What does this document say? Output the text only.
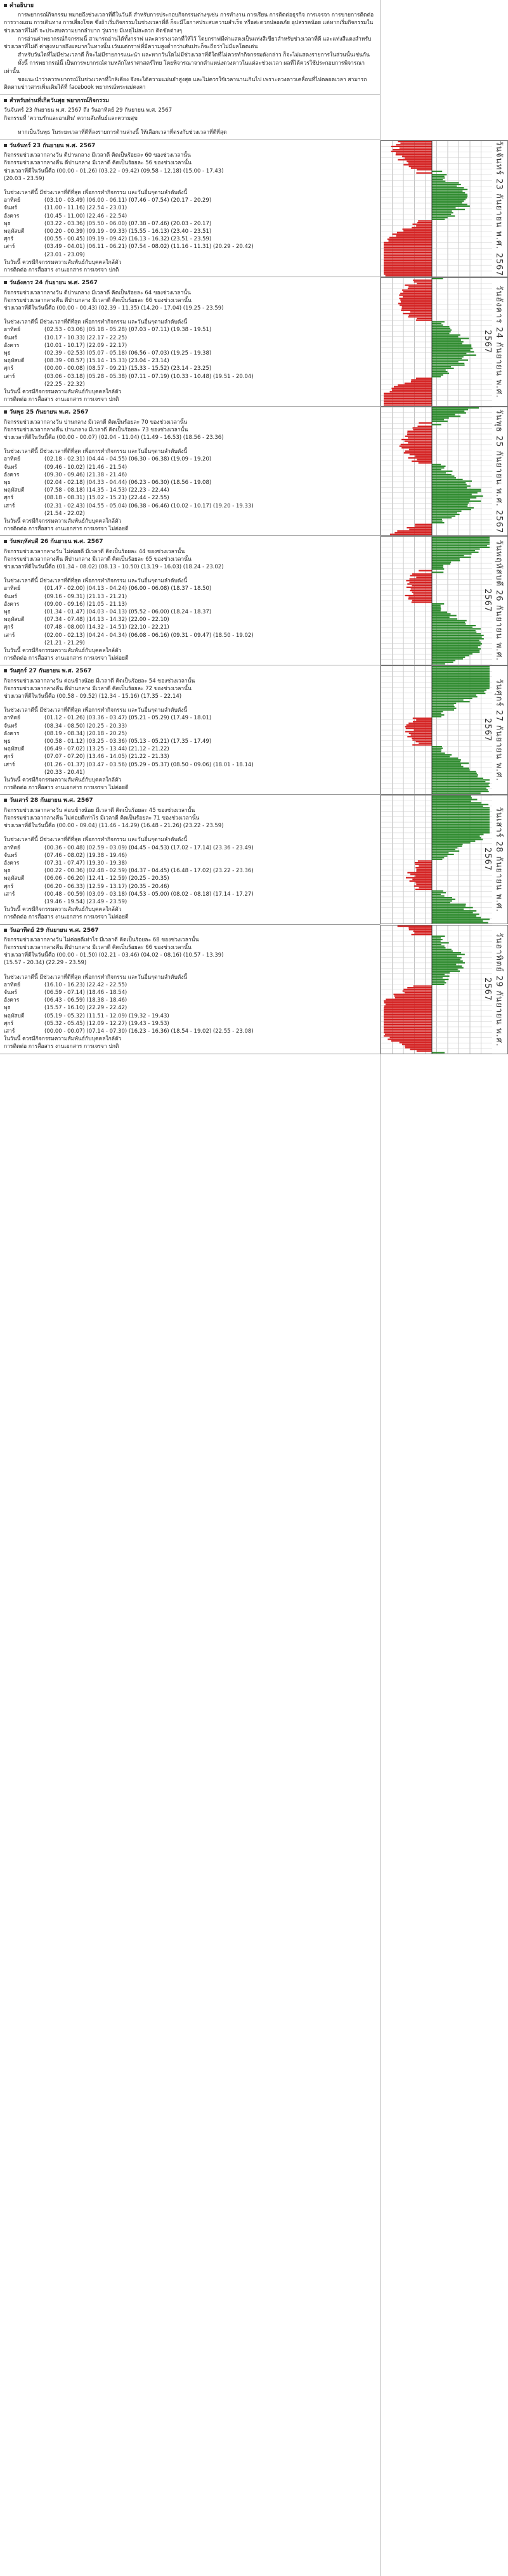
คำอธิบาย
การพยากรณ์กิจกรรม หมายถึงช่วงเวลาที่ดีในวันดี สำหรับการประกอบกิจกรรมต่างๆเช่น การทำงาน การเรียน การติดต่อธุรกิจ การเจรจา การขายการติดต่อ การวางแผน การเดินทาง การเสี่ยงโชค ซึ่งถ้าเริ่มกิจกรรมในช่วงเวลาที่ดี ก็จะมีโอกาสประสบความสำเร็จ หรือสะดวกปลอดภัย อุปสรรคน้อย แต่หากเริ่มกิจกรรมในช่วงเวลาที่ไม่ดี จะประสบความยากลำบาก วุ่นวาย มีเหตุไม่สะดวก ติดขัดต่างๆ
การอ่านค่าพยากรณ์กิจกรรมนี้ สามารถอ่านได้ทั้งกราฟ และตารางเวลาที่ให้ไว้ โดยกราฟมีค่าแสดงเป็นแท่งสีเขียวสำหรับช่วงเวลาที่ดี และแท่งสีแดงสำหรับช่วงเวลาที่ไม่ดี ค่าสูงหมายถึงผลมากในทางนั้น เว้นแต่กราฟที่มีความสูงต่ำกว่าเส้นประก็จะถือว่าไม่มีผลโดดเด่น
สำหรับวันใดที่ไม่มีช่วงเวลาดี ก็จะไม่มีรายการแนะนำ และหากวันใดไม่มีช่วงเวลาที่ดีใดที่ไม่ควรทำกิจกรรมดังกล่าว ก็จะไม่แสดงรายการในส่วนนั้นเช่นกัน
ทั้งนี้ การพยากรณ์นี้ เป็นการพยากรณ์ตามหลักโหราศาสตร์ไทย โดยพิจารณาจากตำแหน่งดวงดาวในแต่ละช่วงเวลา ผลที่ได้ควรใช้ประกอบการพิจารณาเท่านั้น
ขอแนะนำว่าควรพยากรณ์ในช่วงเวลาที่ใกล้เคียง จึงจะได้ความแม่นยำสูงสุด และไม่ควรใช้เวลานานเกินไป เพราะดวงดาวเคลื่อนที่ไปตลอดเวลา สามารถติดตามข่าวสารเพิ่มเติมได้ที่ facebook พยากรณ์พระแม่คงคา
สำหรับท่านที่เกิดวันพุธ พยากรณ์กิจกรรม
วันจันทร์ 23 กันยายน พ.ศ. 2567 ถึง วันอาทิตย์ 29 กันยายน พ.ศ. 2567
กิจกรรมที่ 'ความรักและอาเดิน' ความสัมพันธ์และความสุข
หากเป็นวันพุธ ในระยะเวลาที่ดีที่ลงรายการด้านล่างนี้ ให้เลือกเวลาที่ตรงกับช่วงเวลาที่ดีที่สุด
วันจันทร์ 23 กันยายน พ.ศ. 2567
กิจกรรมช่วงเวลากลางวัน ดีปานกลาง มีเวลาดี คิดเป็นร้อยละ 60 ของช่วงเวลานั้น
กิจกรรมช่วงเวลากลางคืน ดีปานกลาง มีเวลาดี คิดเป็นร้อยละ 56 ของช่วงเวลานั้น
ช่วงเวลาที่ดีในวันนี้คือ (00.00 - 01.26) (03.22 - 09.42) (09.58 - 12.18) (15.00 - 17.43)
(20.03 - 23.59)
ในช่วงเวลาดีนี้ มีช่วงเวลาที่ดีที่สุด เพื่อการทำกิจกรรม และวันอื่นๆตามลำดับดังนี้
อาทิตย์	(03.10 - 03.49) (06.00 - 06.11) (07.46 - 07.54) (20.17 - 20.29)
จันทร์	(11.00 - 11.16) (22.54 - 23.01)
อังคาร	(10.45 - 11.00) (22.46 - 22.54)
พุธ	(03.22 - 03.36) (05.50 - 06.00) (07.38 - 07.46) (20.03 - 20.17)
พฤหัสบดี	(00.20 - 00.39) (09.19 - 09.33) (15.55 - 16.13) (23.40 - 23.51)
ศุกร์	(00.55 - 00.45) (09.19 - 09.42) (16.13 - 16.32) (23.51 - 23.59)
เสาร์	(03.49 - 04.01) (06.11 - 06.21) (07.54 - 08.02) (11.16 - 11.31) (20.29 - 20.42)
(23.01 - 23.09)
ในวันนี้ ควรมีกิจกรรมความสัมพันธ์กับบุคคลใกล้ตัว
การติดต่อ การสื่อสาร งานเอกสาร การเจรจา ปกติ
วันอังคาร 24 กันยายน พ.ศ. 2567
กิจกรรมช่วงเวลากลางวัน ดีปานกลาง มีเวลาดี คิดเป็นร้อยละ 64 ของช่วงเวลานั้น
กิจกรรมช่วงเวลากลางคืน ดีปานกลาง มีเวลาดี คิดเป็นร้อยละ 66 ของช่วงเวลานั้น
ช่วงเวลาที่ดีในวันนี้คือ (00.00 - 00.43) (02.39 - 11.35) (14.20 - 17.04) (19.25 - 23.59)
ในช่วงเวลาดีนี้ มีช่วงเวลาที่ดีที่สุด เพื่อการทำกิจกรรม และวันอื่นๆตามลำดับดังนี้
อาทิตย์	(02.53 - 03.06) (05.18 - 05.28) (07.03 - 07.11) (19.38 - 19.51)
จันทร์	(10.17 - 10.33) (22.17 - 22.25)
อังคาร	(10.01 - 10.17) (22.09 - 22.17)
พุธ	(02.39 - 02.53) (05.07 - 05.18) (06.56 - 07.03) (19.25 - 19.38)
พฤหัสบดี	(08.39 - 08.57) (15.14 - 15.33) (23.04 - 23.14)
ศุกร์	(00.00 - 00.08) (08.57 - 09.21) (15.33 - 15.52) (23.14 - 23.25)
เสาร์	(03.06 - 03.18) (05.28 - 05.38) (07.11 - 07.19) (10.33 - 10.48) (19.51 - 20.04)
(22.25 - 22.32)
ในวันนี้ ควรมีกิจกรรมความสัมพันธ์กับบุคคลใกล้ตัว
การติดต่อ การสื่อสาร งานเอกสาร การเจรจา ปกติ
วันพุธ 25 กันยายน พ.ศ. 2567
กิจกรรมช่วงเวลากลางวัน ปานกลาง มีเวลาดี คิดเป็นร้อยละ 70 ของช่วงเวลานั้น
กิจกรรมช่วงเวลากลางคืน ปานกลาง มีเวลาดี คิดเป็นร้อยละ 73 ของช่วงเวลานั้น
ช่วงเวลาที่ดีในวันนี้คือ (00.00 - 00.07) (02.04 - 11.04) (11.49 - 16.53) (18.56 - 23.36)
ในช่วงเวลาดีนี้ มีช่วงเวลาที่ดีที่สุด เพื่อการทำกิจกรรม และวันอื่นๆตามลำดับดังนี้
อาทิตย์	(02.18 - 02.31) (04.44 - 04.55) (06.30 - 06.38) (19.09 - 19.20)
จันทร์	(09.46 - 10.02) (21.46 - 21.54)
อังคาร	(09.30 - 09.46) (21.38 - 21.46)
พุธ	(02.04 - 02.18) (04.33 - 04.44) (06.23 - 06.30) (18.56 - 19.08)
พฤหัสบดี	(07.58 - 08.18) (14.35 - 14.53) (22.23 - 22.44)
ศุกร์	(08.18 - 08.31) (15.02 - 15.21) (22.44 - 22.55)
เสาร์	(02.31 - 02.43) (04.55 - 05.04) (06.38 - 06.46) (10.02 - 10.17) (19.20 - 19.33)
(21.54 - 22.02)
ในวันนี้ ควรมีกิจกรรมความสัมพันธ์กับบุคคลใกล้ตัว
การติดต่อ การสื่อสาร งานเอกสาร การเจรจา ไม่ค่อยดี
วันพฤหัสบดี 26 กันยายน พ.ศ. 2567
กิจกรรมช่วงเวลากลางวัน ไม่ค่อยดี มีเวลาดี คิดเป็นร้อยละ 44 ของช่วงเวลานั้น
กิจกรรมช่วงเวลากลางคืน ดีปานกลาง มีเวลาดี คิดเป็นร้อยละ 65 ของช่วงเวลานั้น
ช่วงเวลาที่ดีในวันนี้คือ (01.34 - 08.02) (08.13 - 10.50) (13.19 - 16.03) (18.24 - 23.02)
ในช่วงเวลาดีนี้ มีช่วงเวลาที่ดีที่สุด เพื่อการทำกิจกรรม และวันอื่นๆตามลำดับดังนี้
อาทิตย์	(01.47 - 02.00) (04.13 - 04.24) (06.00 - 06.08) (18.37 - 18.50)
จันทร์	(09.16 - 09.31) (21.13 - 21.21)
อังคาร	(09.00 - 09.16) (21.05 - 21.13)
พุธ	(01.34 - 01.47) (04.03 - 04.13) (05.52 - 06.00) (18.24 - 18.37)
พฤหัสบดี	(07.34 - 07.48) (14.13 - 14.32) (22.00 - 22.10)
ศุกร์	(07.48 - 08.00) (14.32 - 14.51) (22.10 - 22.21)
เสาร์	(02.00 - 02.13) (04.24 - 04.34) (06.08 - 06.16) (09.31 - 09.47) (18.50 - 19.02)
(21.21 - 21.29)
ในวันนี้ ควรมีกิจกรรมความสัมพันธ์กับบุคคลใกล้ตัว
การติดต่อ การสื่อสาร งานเอกสาร การเจรจา ไม่ค่อยดี
วันศุกร์ 27 กันยายน พ.ศ. 2567
กิจกรรมช่วงเวลากลางวัน ค่อนข้างน้อย มีเวลาดี คิดเป็นร้อยละ 54 ของช่วงเวลานั้น
กิจกรรมช่วงเวลากลางคืน ดีปานกลาง มีเวลาดี คิดเป็นร้อยละ 72 ของช่วงเวลานั้น
ช่วงเวลาที่ดีในวันนี้คือ (00.58 - 09.52) (12.34 - 15.16) (17.35 - 22.14)
ในช่วงเวลาดีนี้ มีช่วงเวลาที่ดีที่สุด เพื่อการทำกิจกรรม และวันอื่นๆตามลำดับดังนี้
อาทิตย์	(01.12 - 01.26) (03.36 - 03.47) (05.21 - 05.29) (17.49 - 18.01)
จันทร์	(08.34 - 08.50) (20.25 - 20.33)
อังคาร	(08.19 - 08.34) (20.18 - 20.25)
พุธ	(00.58 - 01.12) (03.25 - 03.36) (05.13 - 05.21) (17.35 - 17.49)
พฤหัสบดี	(06.49 - 07.02) (13.25 - 13.44) (21.12 - 21.22)
ศุกร์	(07.07 - 07.20) (13.46 - 14.05) (21.22 - 21.33)
เสาร์	(01.26 - 01.37) (03.47 - 03.56) (05.29 - 05.37) (08.50 - 09.06) (18.01 - 18.14)
(20.33 - 20.41)
ในวันนี้ ควรมีกิจกรรมความสัมพันธ์กับบุคคลใกล้ตัว
การติดต่อ การสื่อสาร งานเอกสาร การเจรจา ไม่ค่อยดี
วันเสาร์ 28 กันยายน พ.ศ. 2567
กิจกรรมช่วงเวลากลางวัน ค่อนข้างน้อย มีเวลาดี คิดเป็นร้อยละ 45 ของช่วงเวลานั้น
กิจกรรมช่วงเวลากลางคืน ไม่ค่อยดีเท่าไร มีเวลาดี คิดเป็นร้อยละ 71 ของช่วงเวลานั้น
ช่วงเวลาที่ดีในวันนี้คือ (00.00 - 09.04) (11.46 - 14.29) (16.48 - 21.26) (23.22 - 23.59)
ในช่วงเวลาดีนี้ มีช่วงเวลาที่ดีที่สุด เพื่อการทำกิจกรรม และวันอื่นๆตามลำดับดังนี้
อาทิตย์	(00.36 - 00.48) (02.59 - 03.09) (04.45 - 04.53) (17.02 - 17.14) (23.36 - 23.49)
จันทร์	(07.46 - 08.02) (19.38 - 19.46)
อังคาร	(07.31 - 07.47) (19.30 - 19.38)
พุธ	(00.22 - 00.36) (02.48 - 02.59) (04.37 - 04.45) (16.48 - 17.02) (23.22 - 23.36)
พฤหัสบดี	(06.06 - 06.20) (12.41 - 12.59) (20.25 - 20.35)
ศุกร์	(06.20 - 06.33) (12.59 - 13.17) (20.35 - 20.46)
เสาร์	(00.48 - 00.59) (03.09 - 03.18) (04.53 - 05.00) (08.02 - 08.18) (17.14 - 17.27)
(19.46 - 19.54) (23.49 - 23.59)
ในวันนี้ ควรมีกิจกรรมความสัมพันธ์กับบุคคลใกล้ตัว
การติดต่อ การสื่อสาร งานเอกสาร การเจรจา ไม่ค่อยดี
วันอาทิตย์ 29 กันยายน พ.ศ. 2567
กิจกรรมช่วงเวลากลางวัน ไม่ค่อยดีเท่าไร มีเวลาดี คิดเป็นร้อยละ 68 ของช่วงเวลานั้น
กิจกรรมช่วงเวลากลางคืน ดีปานกลาง มีเวลาดี คิดเป็นร้อยละ 66 ของช่วงเวลานั้น
ช่วงเวลาที่ดีในวันนี้คือ (00.00 - 01.50) (02.21 - 03.46) (04.02 - 08.16) (10.57 - 13.39)
(15.57 - 20.34) (22.29 - 23.59)
ในช่วงเวลาดีนี้ มีช่วงเวลาที่ดีที่สุด เพื่อการทำกิจกรรม และวันอื่นๆตามลำดับดังนี้
อาทิตย์	(16.10 - 16.23) (22.42 - 22.55)
จันทร์	(06.59 - 07.14) (18.46 - 18.54)
อังคาร	(06.43 - 06.59) (18.38 - 18.46)
พุธ	(15.57 - 16.10) (22.29 - 22.42)
พฤหัสบดี	(05.19 - 05.32) (11.51 - 12.09) (19.32 - 19.43)
ศุกร์	(05.32 - 05.45) (12.09 - 12.27) (19.43 - 19.53)
เสาร์	(00.00 - 00.07) (07.14 - 07.30) (16.23 - 16.36) (18.54 - 19.02) (22.55 - 23.08)
ในวันนี้ ควรมีกิจกรรมความสัมพันธ์กับบุคคลใกล้ตัว
การติดต่อ การสื่อสาร งานเอกสาร การเจรจา ปกติ
วันจันทร์ 23 กันยายน พ.ศ. 2567
วันอังคาร 24 กันยายน พ.ศ. 2567
วันพุธ 25 กันยายน พ.ศ. 2567
วันพฤหัสบดี 26 กันยายน พ.ศ. 2567
วันศุกร์ 27 กันยายน พ.ศ. 2567
วันเสาร์ 28 กันยายน พ.ศ. 2567
วันอาทิตย์ 29 กันยายน พ.ศ. 2567
